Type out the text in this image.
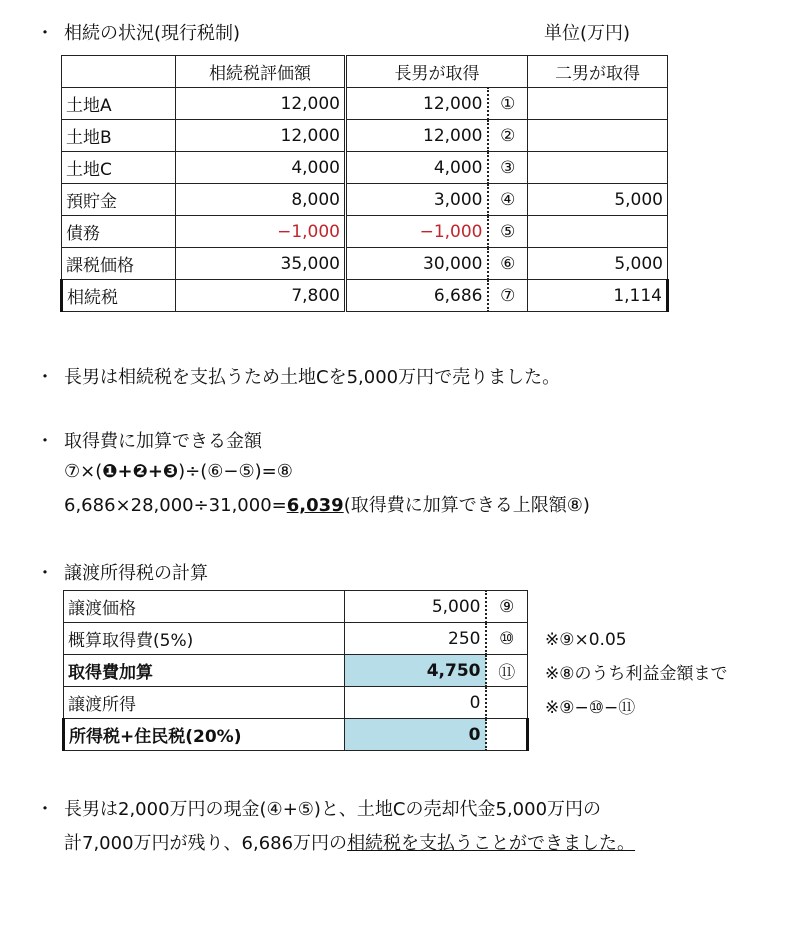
・ 相続の状況(現行税制)	単位(万円)
	相続税評価額	長男が取得		二男が取得
土地A	12,000	12,000	①	
土地B	12,000	12,000	②	
土地C	4,000	4,000	③	
預貯金	8,000	3,000	④	5,000
債務	−1,000	−1,000	⑤	
課税価格	35,000	30,000	⑥	5,000
相続税	7,800	6,686	⑦	1,114
・ 長男は相続税を支払うため土地Cを5,000万円で売りました。
・ 取得費に加算できる金額
⑦×(❶+❷+❸)÷(⑥−⑤)=⑧
6,686×28,000÷31,000=6,039(取得費に加算できる上限額⑧)
・ 譲渡所得税の計算
譲渡価格	5,000	⑨
概算取得費(5%)	250	⑩
取得費加算	4,750	⑪
譲渡所得	0	
所得税+住民税(20%)	0	
※⑨×0.05
※⑧のうち利益金額まで
※⑨−⑩−⑪
・ 長男は2,000万円の現金(④+⑤)と、土地Cの売却代金5,000万円の
計7,000万円が残り、6,686万円の相続税を支払うことができました。
